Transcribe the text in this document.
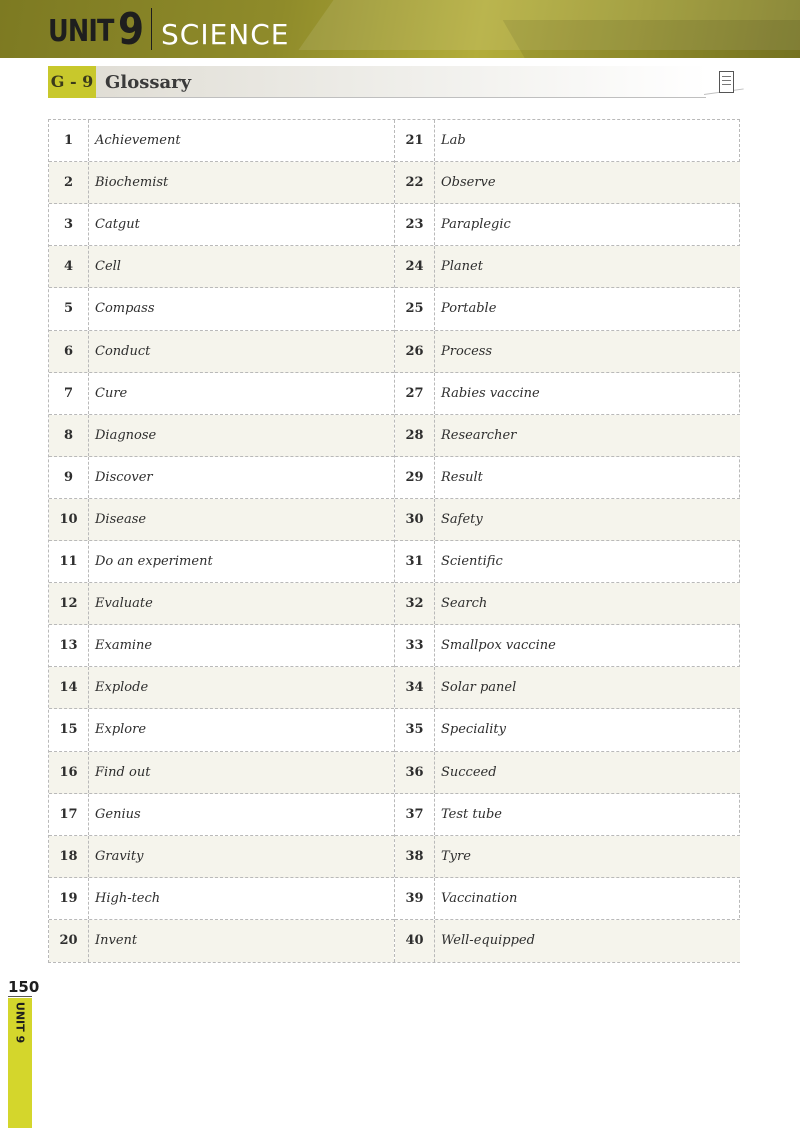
UNIT 9 SCIENCE
G - 9 Glossary
1	Achievement
2	Biochemist
3	Catgut
4	Cell
5	Compass
6	Conduct
7	Cure
8	Diagnose
9	Discover
10	Disease
11	Do an experiment
12	Evaluate
13	Examine
14	Explode
15	Explore
16	Find out
17	Genius
18	Gravity
19	High-tech
20	Invent
21	Lab
22	Observe
23	Paraplegic
24	Planet
25	Portable
26	Process
27	Rabies vaccine
28	Researcher
29	Result
30	Safety
31	Scientific
32	Search
33	Smallpox vaccine
34	Solar panel
35	Speciality
36	Succeed
37	Test tube
38	Tyre
39	Vaccination
40	Well-equipped
150
UNIT 9
